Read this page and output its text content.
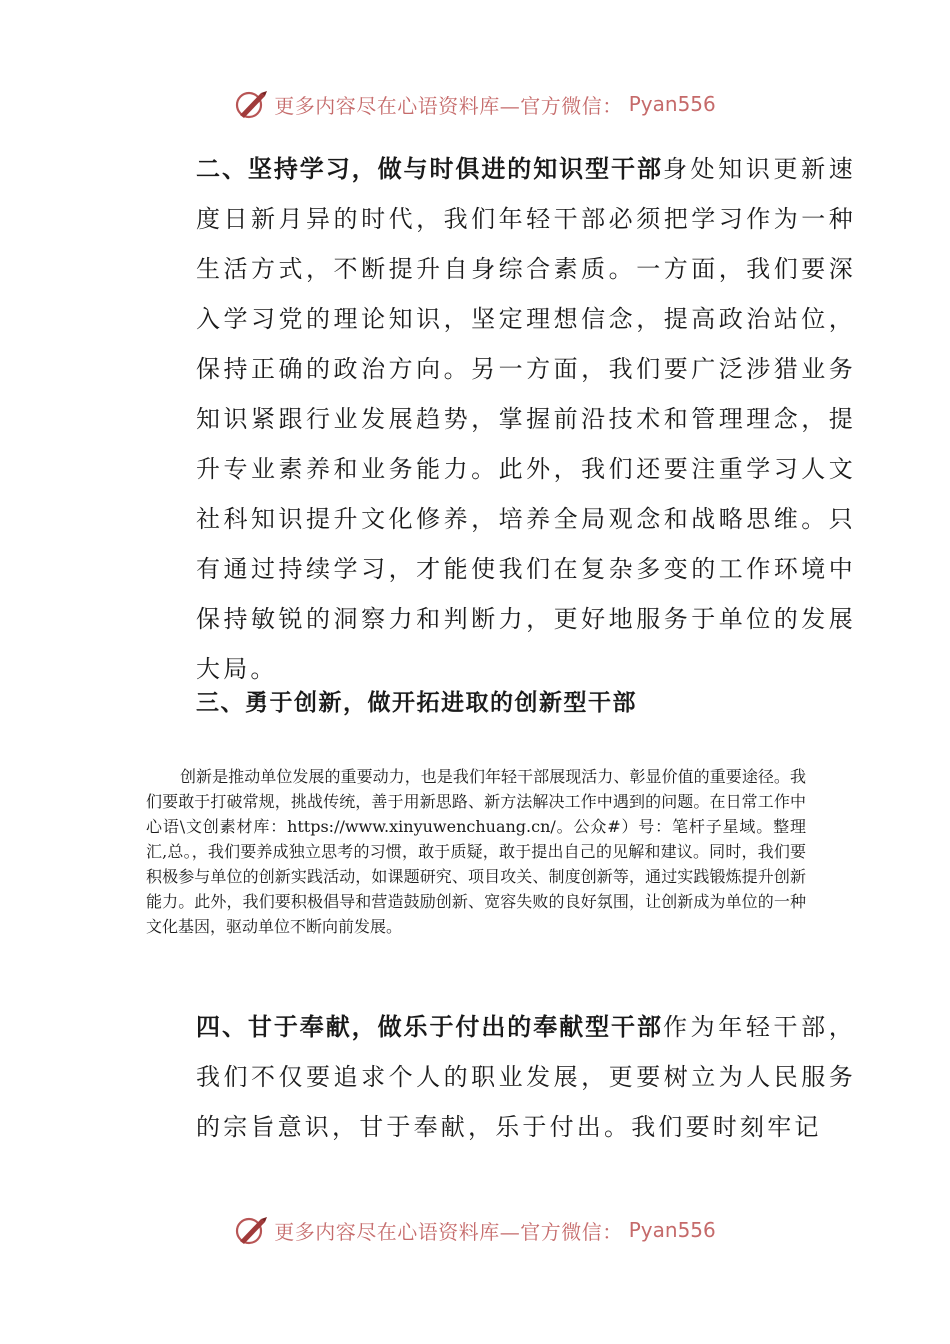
更多内容尽在心语资料库—官方微信： Pyan556

二、坚持学习，做与时俱进的知识型干部身处知识更新速度日新月异的时代，我们年轻干部必须把学习作为一种生活方式，不断提升自身综合素质。一方面，我们要深入学习党的理论知识，坚定理想信念，提高政治站位，保持正确的政治方向。另一方面，我们要广泛涉猎业务知识紧跟行业发展趋势，掌握前沿技术和管理理念，提升专业素养和业务能力。此外，我们还要注重学习人文社科知识提升文化修养，培养全局观念和战略思维。只有通过持续学习，才能使我们在复杂多变的工作环境中保持敏锐的洞察力和判断力，更好地服务于单位的发展大局。

三、勇于创新，做开拓进取的创新型干部

创新是推动单位发展的重要动力，也是我们年轻干部展现活力、彰显价值的重要途径。我们要敢于打破常规，挑战传统，善于用新思路、新方法解决工作中遇到的问题。在日常工作中心语\文创素材库：https://www.xinyuwenchuang.cn/。公众#）号：笔杆子星域。整理汇,总。，我们要养成独立思考的习惯，敢于质疑，敢于提出自己的见解和建议。同时，我们要积极参与单位的创新实践活动，如课题研究、项目攻关、制度创新等，通过实践锻炼提升创新能力。此外，我们要积极倡导和营造鼓励创新、宽容失败的良好氛围，让创新成为单位的一种文化基因，驱动单位不断向前发展。

四、甘于奉献，做乐于付出的奉献型干部作为年轻干部，我们不仅要追求个人的职业发展，更要树立为人民服务的宗旨意识，甘于奉献，乐于付出。我们要时刻牢记

更多内容尽在心语资料库—官方微信： Pyan556
